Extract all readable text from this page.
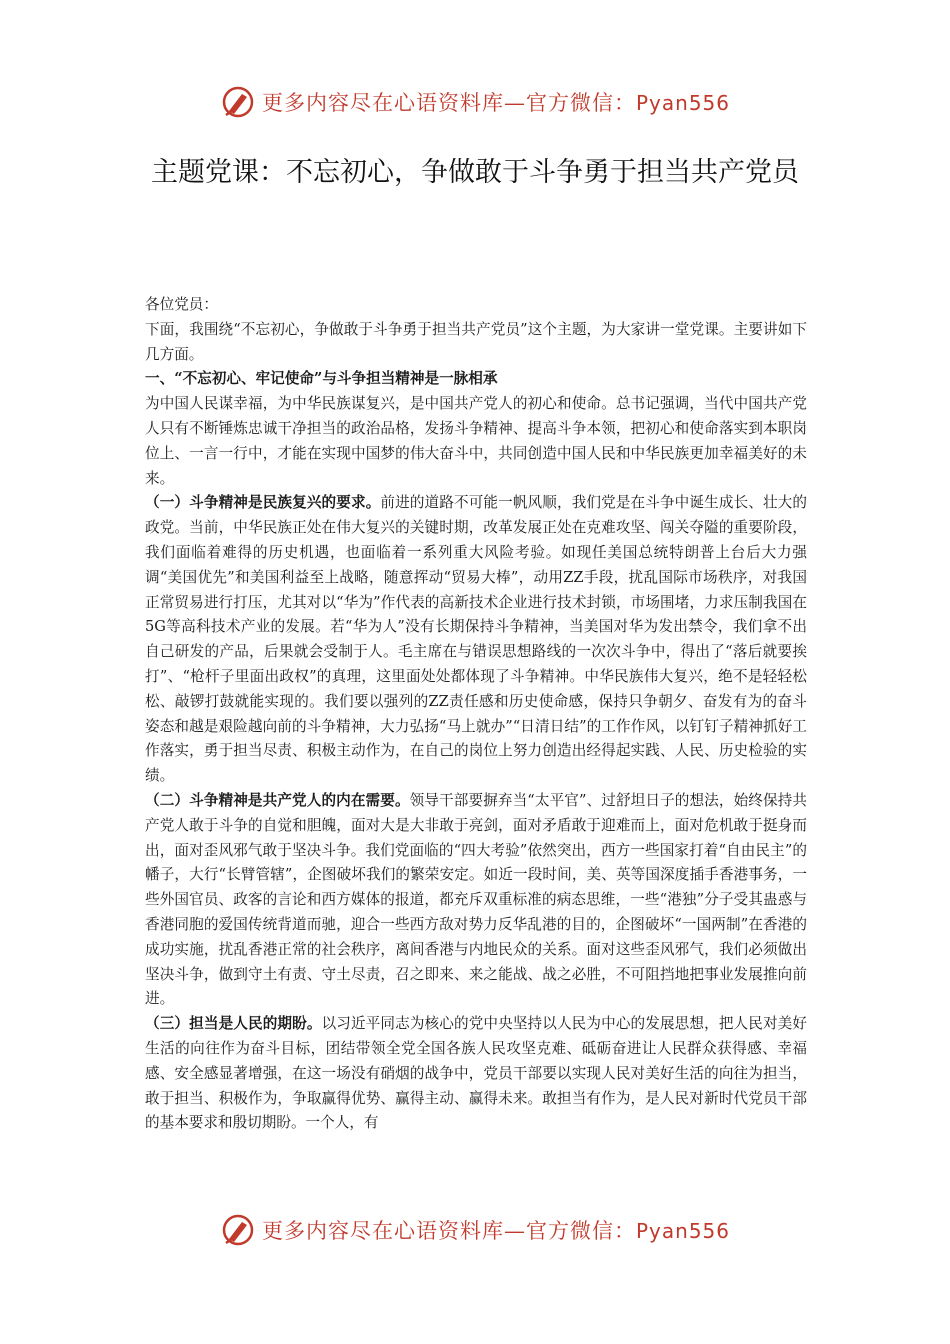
更多内容尽在心语资料库—官方微信：Pyan556
主题党课：不忘初心，争做敢于斗争勇于担当共产党员

各位党员：

下面，我围绕“不忘初心，争做敢于斗争勇于担当共产党员”这个主题，为大家讲一堂党课。主要讲如下几方面。

一、“不忘初心、牢记使命”与斗争担当精神是一脉相承

为中国人民谋幸福，为中华民族谋复兴，是中国共产党人的初心和使命。总书记强调，当代中国共产党人只有不断锤炼忠诚干净担当的政治品格，发扬斗争精神、提高斗争本领，把初心和使命落实到本职岗位上、一言一行中，才能在实现中国梦的伟大奋斗中，共同创造中国人民和中华民族更加幸福美好的未来。

（一）斗争精神是民族复兴的要求。前进的道路不可能一帆风顺，我们党是在斗争中诞生成长、壮大的政党。当前，中华民族正处在伟大复兴的关键时期，改革发展正处在克难攻坚、闯关夺隘的重要阶段，我们面临着难得的历史机遇，也面临着一系列重大风险考验。如现任美国总统特朗普上台后大力强调“美国优先”和美国利益至上战略，随意挥动“贸易大棒”，动用ZZ手段，扰乱国际市场秩序，对我国正常贸易进行打压，尤其对以“华为”作代表的高新技术企业进行技术封锁，市场围堵，力求压制我国在5G等高科技术产业的发展。若“华为人”没有长期保持斗争精神，当美国对华为发出禁令，我们拿不出自己研发的产品，后果就会受制于人。毛主席在与错误思想路线的一次次斗争中，得出了“落后就要挨打”、“枪杆子里面出政权”的真理，这里面处处都体现了斗争精神。中华民族伟大复兴，绝不是轻轻松松、敲锣打鼓就能实现的。我们要以强列的ZZ责任感和历史使命感，保持只争朝夕、奋发有为的奋斗姿态和越是艰险越向前的斗争精神，大力弘扬“马上就办”“日清日结”的工作作风，以钉钉子精神抓好工作落实，勇于担当尽责、积极主动作为，在自己的岗位上努力创造出经得起实践、人民、历史检验的实绩。

（二）斗争精神是共产党人的内在需要。领导干部要摒弃当“太平官”、过舒坦日子的想法，始终保持共产党人敢于斗争的自觉和胆魄，面对大是大非敢于亮剑，面对矛盾敢于迎难而上，面对危机敢于挺身而出，面对歪风邪气敢于坚决斗争。我们党面临的“四大考验”依然突出，西方一些国家打着“自由民主”的幡子，大行“长臂管辖”，企图破坏我们的繁荣安定。如近一段时间，美、英等国深度插手香港事务，一些外国官员、政客的言论和西方媒体的报道，都充斥双重标准的病态思维，一些“港独”分子受其蛊惑与香港同胞的爱国传统背道而驰，迎合一些西方敌对势力反华乱港的目的，企图破坏“一国两制”在香港的成功实施，扰乱香港正常的社会秩序，离间香港与内地民众的关系。面对这些歪风邪气，我们必须做出坚决斗争，做到守土有责、守土尽责，召之即来、来之能战、战之必胜，不可阻挡地把事业发展推向前进。

（三）担当是人民的期盼。以习近平同志为核心的党中央坚持以人民为中心的发展思想，把人民对美好生活的向往作为奋斗目标，团结带领全党全国各族人民攻坚克难、砥砺奋进让人民群众获得感、幸福感、安全感显著增强，在这一场没有硝烟的战争中，党员干部要以实现人民对美好生活的向往为担当，敢于担当、积极作为，争取赢得优势、赢得主动、赢得未来。敢担当有作为，是人民对新时代党员干部的基本要求和殷切期盼。一个人，有

更多内容尽在心语资料库—官方微信：Pyan556
